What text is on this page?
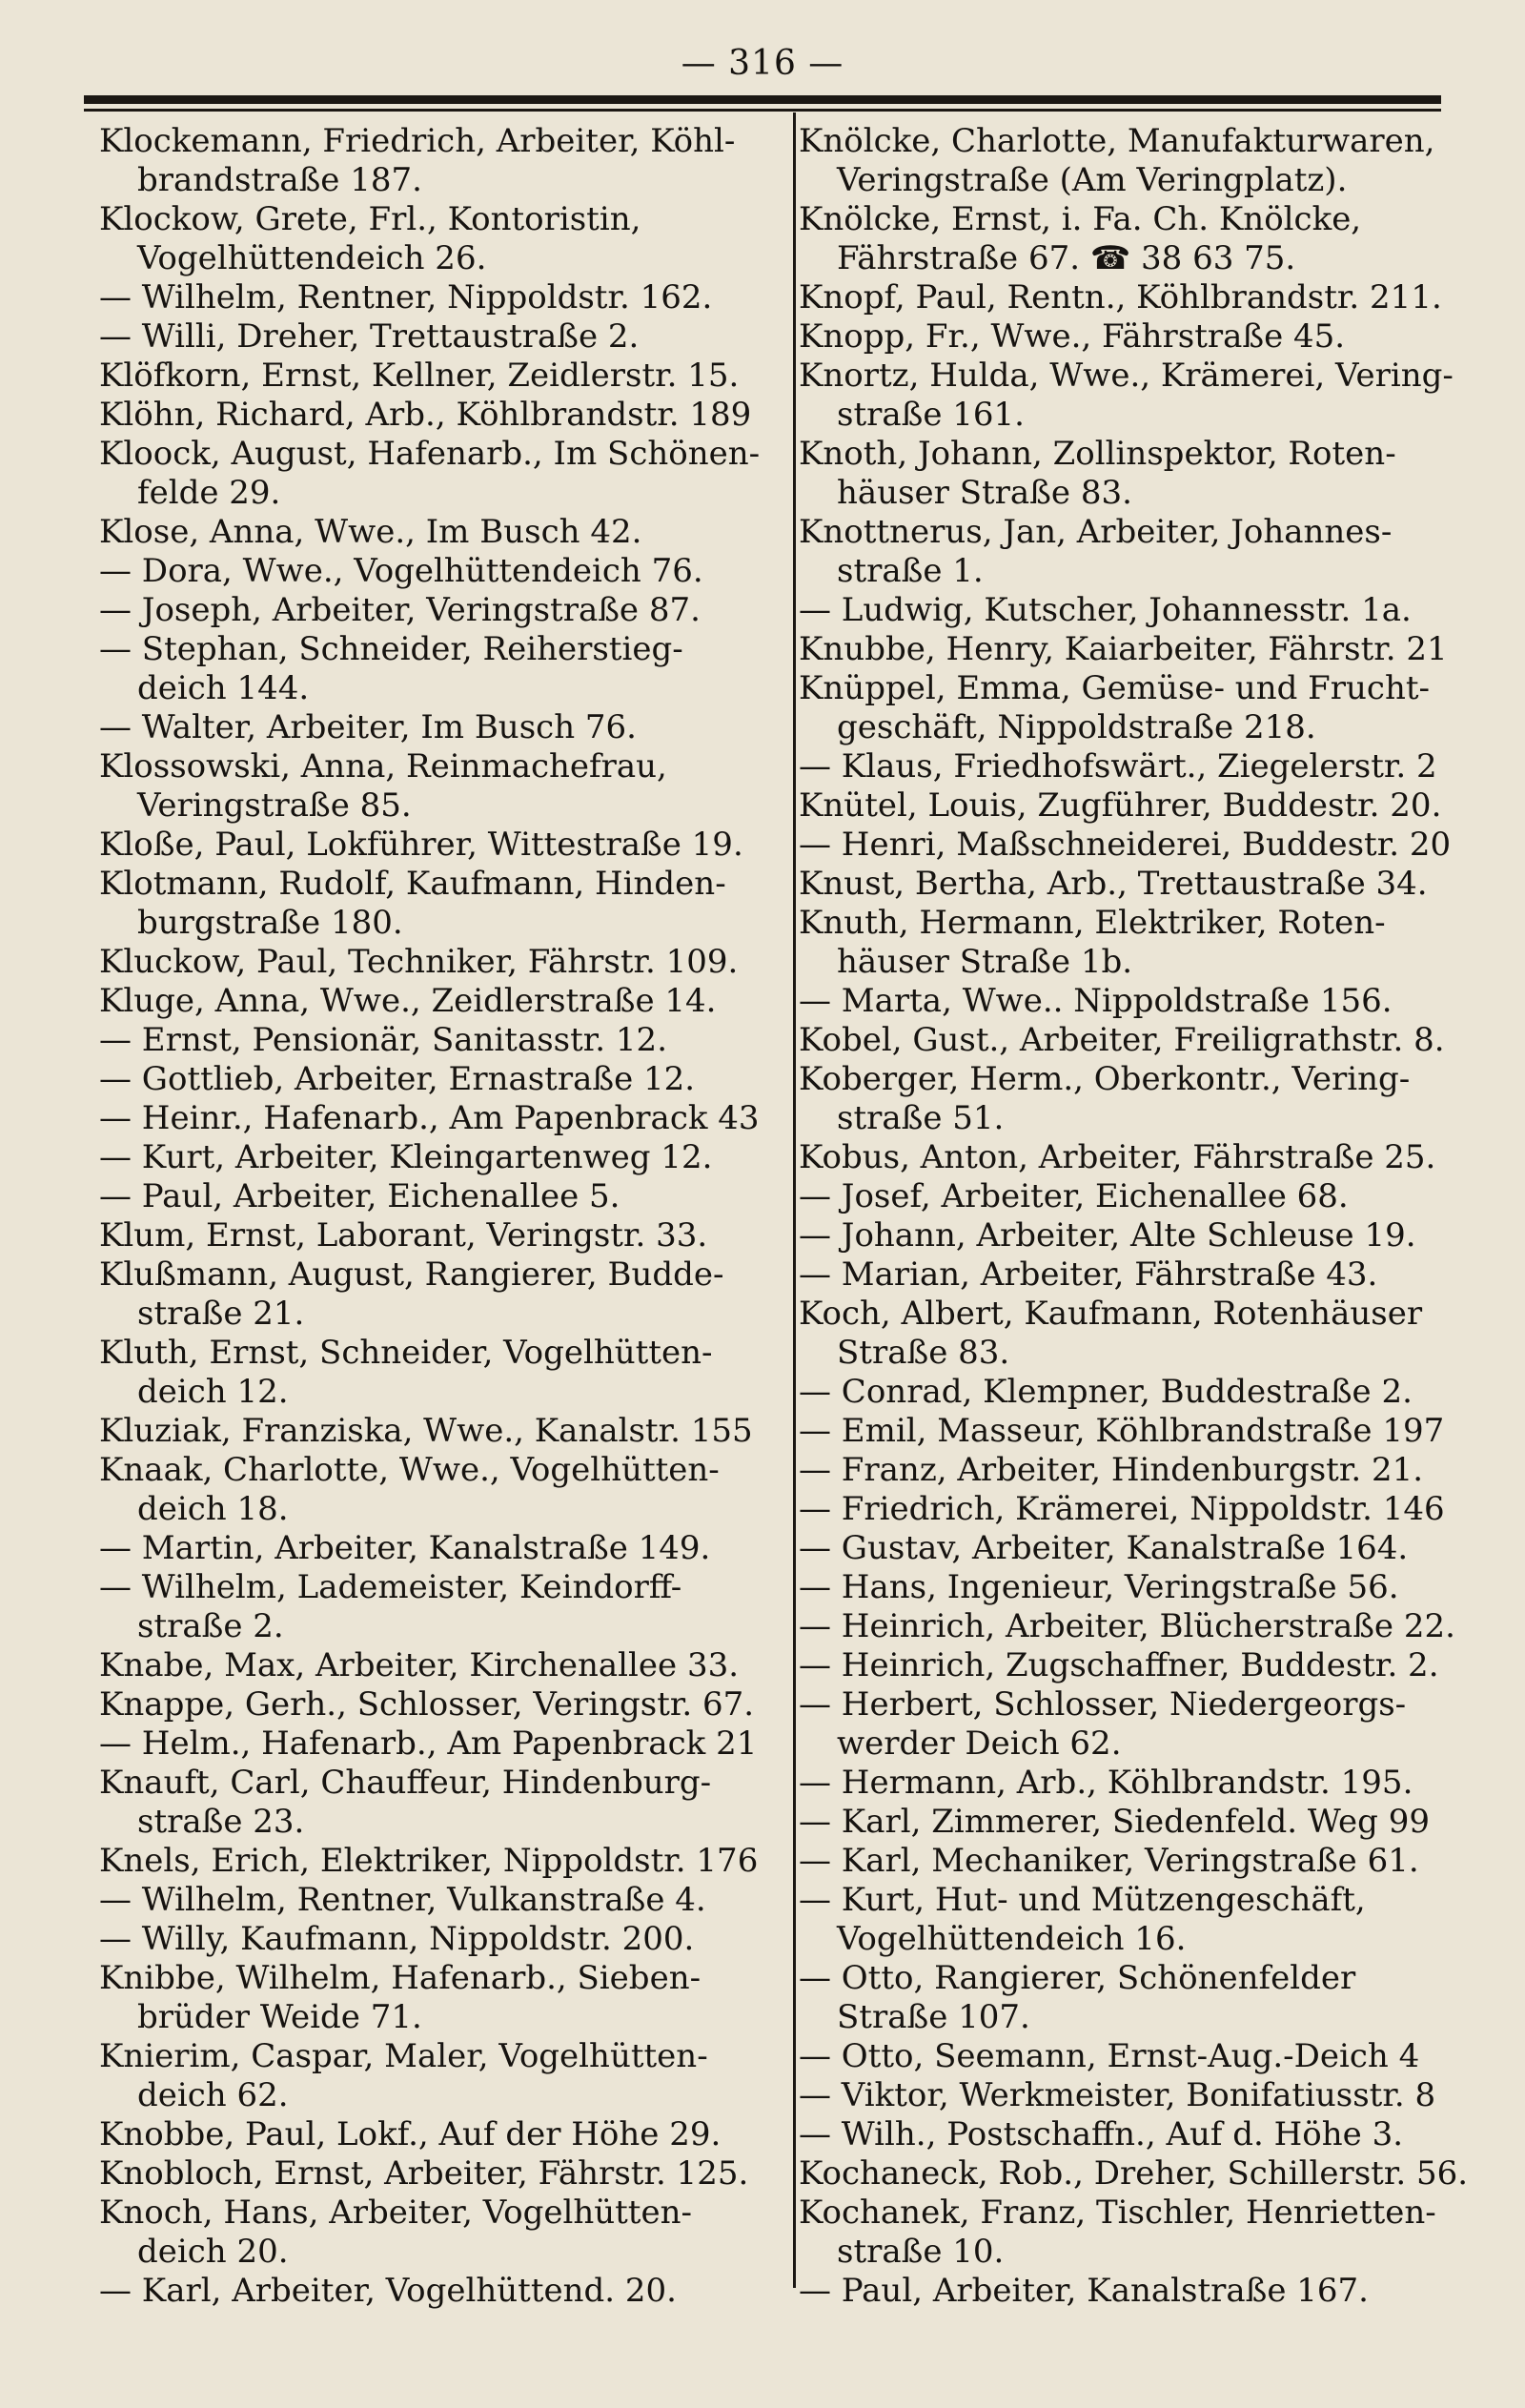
— 316 —
Klockemann, Friedrich, Arbeiter, Köhl-
brandstraße 187.
Klockow, Grete, Frl., Kontoristin,
Vogelhüttendeich 26.
— Wilhelm, Rentner, Nippoldstr. 162.
— Willi, Dreher, Trettaustraße 2.
Klöfkorn, Ernst, Kellner, Zeidlerstr. 15.
Klöhn, Richard, Arb., Köhlbrandstr. 189
Kloock, August, Hafenarb., Im Schönen-
felde 29.
Klose, Anna, Wwe., Im Busch 42.
— Dora, Wwe., Vogelhüttendeich 76.
— Joseph, Arbeiter, Veringstraße 87.
— Stephan, Schneider, Reiherstieg-
deich 144.
— Walter, Arbeiter, Im Busch 76.
Klossowski, Anna, Reinmachefrau,
Veringstraße 85.
Kloße, Paul, Lokführer, Wittestraße 19.
Klotmann, Rudolf, Kaufmann, Hinden-
burgstraße 180.
Kluckow, Paul, Techniker, Fährstr. 109.
Kluge, Anna, Wwe., Zeidlerstraße 14.
— Ernst, Pensionär, Sanitasstr. 12.
— Gottlieb, Arbeiter, Ernastraße 12.
— Heinr., Hafenarb., Am Papenbrack 43
— Kurt, Arbeiter, Kleingartenweg 12.
— Paul, Arbeiter, Eichenallee 5.
Klum, Ernst, Laborant, Veringstr. 33.
Klußmann, August, Rangierer, Budde-
straße 21.
Kluth, Ernst, Schneider, Vogelhütten-
deich 12.
Kluziak, Franziska, Wwe., Kanalstr. 155
Knaak, Charlotte, Wwe., Vogelhütten-
deich 18.
— Martin, Arbeiter, Kanalstraße 149.
— Wilhelm, Lademeister, Keindorff-
straße 2.
Knabe, Max, Arbeiter, Kirchenallee 33.
Knappe, Gerh., Schlosser, Veringstr. 67.
— Helm., Hafenarb., Am Papenbrack 21
Knauft, Carl, Chauffeur, Hindenburg-
straße 23.
Knels, Erich, Elektriker, Nippoldstr. 176
— Wilhelm, Rentner, Vulkanstraße 4.
— Willy, Kaufmann, Nippoldstr. 200.
Knibbe, Wilhelm, Hafenarb., Sieben-
brüder Weide 71.
Knierim, Caspar, Maler, Vogelhütten-
deich 62.
Knobbe, Paul, Lokf., Auf der Höhe 29.
Knobloch, Ernst, Arbeiter, Fährstr. 125.
Knoch, Hans, Arbeiter, Vogelhütten-
deich 20.
— Karl, Arbeiter, Vogelhüttend. 20.
Knölcke, Charlotte, Manufakturwaren,
Veringstraße (Am Veringplatz).
Knölcke, Ernst, i. Fa. Ch. Knölcke,
Fährstraße 67. ☎ 38 63 75.
Knopf, Paul, Rentn., Köhlbrandstr. 211.
Knopp, Fr., Wwe., Fährstraße 45.
Knortz, Hulda, Wwe., Krämerei, Vering-
straße 161.
Knoth, Johann, Zollinspektor, Roten-
häuser Straße 83.
Knottnerus, Jan, Arbeiter, Johannes-
straße 1.
— Ludwig, Kutscher, Johannesstr. 1a.
Knubbe, Henry, Kaiarbeiter, Fährstr. 21
Knüppel, Emma, Gemüse- und Frucht-
geschäft, Nippoldstraße 218.
— Klaus, Friedhofswärt., Ziegelerstr. 2
Knütel, Louis, Zugführer, Buddestr. 20.
— Henri, Maßschneiderei, Buddestr. 20
Knust, Bertha, Arb., Trettaustraße 34.
Knuth, Hermann, Elektriker, Roten-
häuser Straße 1b.
— Marta, Wwe.. Nippoldstraße 156.
Kobel, Gust., Arbeiter, Freiligrathstr. 8.
Koberger, Herm., Oberkontr., Vering-
straße 51.
Kobus, Anton, Arbeiter, Fährstraße 25.
— Josef, Arbeiter, Eichenallee 68.
— Johann, Arbeiter, Alte Schleuse 19.
— Marian, Arbeiter, Fährstraße 43.
Koch, Albert, Kaufmann, Rotenhäuser
Straße 83.
— Conrad, Klempner, Buddestraße 2.
— Emil, Masseur, Köhlbrandstraße 197
— Franz, Arbeiter, Hindenburgstr. 21.
— Friedrich, Krämerei, Nippoldstr. 146
— Gustav, Arbeiter, Kanalstraße 164.
— Hans, Ingenieur, Veringstraße 56.
— Heinrich, Arbeiter, Blücherstraße 22.
— Heinrich, Zugschaffner, Buddestr. 2.
— Herbert, Schlosser, Niedergeorgs-
werder Deich 62.
— Hermann, Arb., Köhlbrandstr. 195.
— Karl, Zimmerer, Siedenfeld. Weg 99
— Karl, Mechaniker, Veringstraße 61.
— Kurt, Hut- und Mützengeschäft,
Vogelhüttendeich 16.
— Otto, Rangierer, Schönenfelder
Straße 107.
— Otto, Seemann, Ernst-Aug.-Deich 4
— Viktor, Werkmeister, Bonifatiusstr. 8
— Wilh., Postschaffn., Auf d. Höhe 3.
Kochaneck, Rob., Dreher, Schillerstr. 56.
Kochanek, Franz, Tischler, Henrietten-
straße 10.
— Paul, Arbeiter, Kanalstraße 167.
